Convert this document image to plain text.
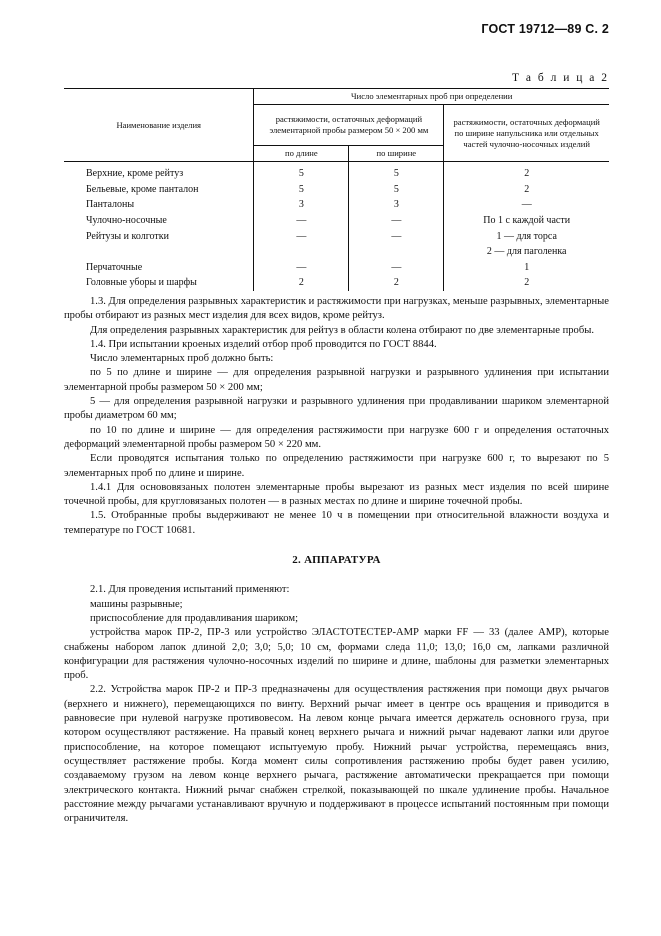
ГОСТ 19712—89 С. 2
Т а б л и ц а 2
Наименование изделия	Число элементарных проб при определении		
	растяжимости, остаточных деформаций элементарной пробы размером 50 × 200 мм		растяжимости, остаточных деформаций по ширине напульсника или отдельных частей чулочно-носочных изделий
	по длине	по ширине	
Верхние, кроме рейтуз	5	5	2
Бельевые, кроме панталон	5	5	2
Панталоны	3	3	—
Чулочно-носочные	—	—	По 1 с каждой части
Рейтузы и колготки	—	—	1 — для торса
			2 — для паголенка
Перчаточные	—	—	1
Головные уборы и шарфы	2	2	2

1.3. Для определения разрывных характеристик и растяжимости при нагрузках, меньше разрывных, элементарные пробы отбирают из разных мест изделия для всех видов, кроме рейтуз.

Для определения разрывных характеристик для рейтуз в области колена отбирают по две элементарные пробы.

1.4. При испытании кроеных изделий отбор проб проводится по ГОСТ 8844.

Число элементарных проб должно быть:

по 5 по длине и ширине — для определения разрывной нагрузки и разрывного удлинения при испытании элементарной пробы размером 50 × 200 мм;

5 — для определения разрывной нагрузки и разрывного удлинения при продавливании шариком элементарной пробы диаметром 60 мм;

по 10 по длине и ширине — для определения растяжимости при нагрузке 600 г и определения остаточных деформаций элементарной пробы размером 50 × 220 мм.

Если проводятся испытания только по определению растяжимости при нагрузке 600 г, то вырезают по 5 элементарных проб по длине и ширине.

1.4.1 Для основовязаных полотен элементарные пробы вырезают из разных мест изделия по всей ширине точечной пробы, для кругловязаных полотен — в разных местах по длине и ширине точечной пробы.

1.5. Отобранные пробы выдерживают не менее 10 ч в помещении при относительной влажности воздуха и температуре по ГОСТ 10681.

2. АППАРАТУРА

2.1. Для проведения испытаний применяют:

машины разрывные;

приспособление для продавливания шариком;

устройства марок ПР-2, ПР-3 или устройство ЭЛАСТОТЕСТЕР-АМР марки FF — 33 (далее АМР), которые снабжены набором лапок длиной 2,0; 3,0; 5,0; 10 см, формами следа 11,0; 13,0; 16,0 см, лапками различной конфигурации для растяжения чулочно-носочных изделий по ширине и длине, шаблоны для разметки элементарных проб.

2.2. Устройства марок ПР-2 и ПР-3 предназначены для осуществления растяжения при помощи двух рычагов (верхнего и нижнего), перемещающихся по винту. Верхний рычаг имеет в центре ось вращения и приводится в равновесие при нулевой нагрузке противовесом. На левом конце рычага имеется держатель основного груза, при котором осуществляют растяжение. На правый конец верхнего рычага и нижний рычаг надевают лапки или другое приспособление, на которое помещают испытуемую пробу. Нижний рычаг устройства, перемещаясь вниз, осуществляет растяжение пробы. Когда момент силы сопротивления растяжению пробы будет равен усилию, создаваемому грузом на левом конце верхнего рычага, растяжение автоматически прекращается при помощи электрического контакта. Нижний рычаг снабжен стрелкой, показывающей по шкале удлинение пробы. Начальное расстояние между рычагами устанавливают вручную и поддерживают в процессе испытаний постоянным при помощи ограничителя.
